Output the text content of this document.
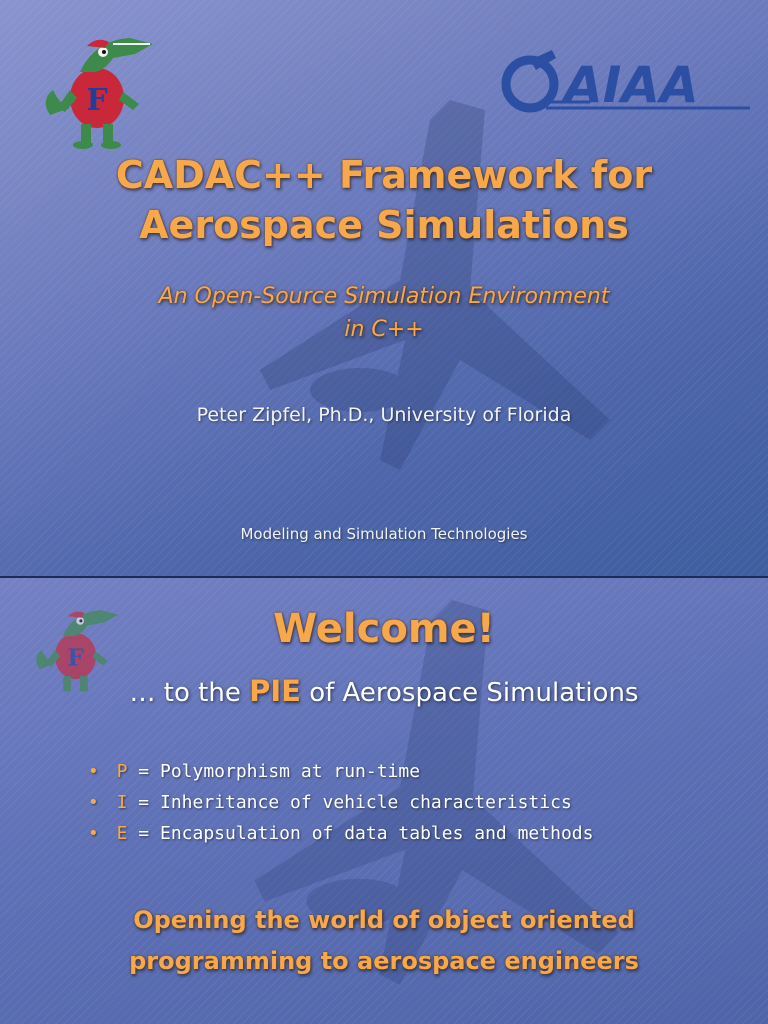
F	AIAA
CADAC++ Framework for
Aerospace Simulations
An Open-Source Simulation Environment
in C++
Peter Zipfel, Ph.D., University of Florida
Modeling and Simulation Technologies
F
Welcome!
… to the PIE of Aerospace Simulations
• P = Polymorphism at run-time
• I = Inheritance of vehicle characteristics
• E = Encapsulation of data tables and methods
Opening the world of object oriented
programming to aerospace engineers
